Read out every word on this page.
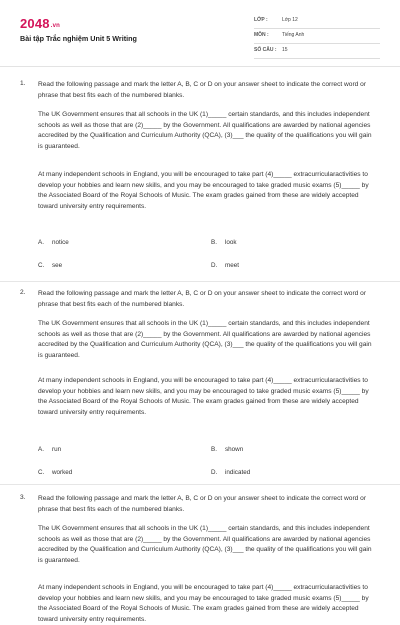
2048.vn
Bài tập Trắc nghiệm Unit 5 Writing
LỚP :	Lớp 12
MÔN :	Tiếng Anh
SỐ CÂU : 15
1. Read the following passage and mark the letter A, B, C or D on your answer sheet to indicate the correct word or phrase that best fits each of the numbered blanks.
The UK Government ensures that all schools in the UK (1)_____ certain standards, and this includes independent schools as well as those that are (2)_____ by the Government. All qualifications are awarded by national agencies accredited by the Qualification and Curriculum Authority (QCA), (3)___ the quality of the qualifications you will gain is guaranteed.
At many independent schools in England, you will be encouraged to take part (4)_____ extracurricularactivities to develop your hobbies and learn new skills, and you may be encouraged to take graded music exams (5)_____ by the Associated Board of the Royal Schools of Music. The exam grades gained from these are widely accepted toward university entry requirements.
A. notice	B. look
C. see	D. meet
2. Read the following passage and mark the letter A, B, C or D on your answer sheet to indicate the correct word or phrase that best fits each of the numbered blanks.
The UK Government ensures that all schools in the UK (1)_____ certain standards, and this includes independent schools as well as those that are (2)_____ by the Government. All qualifications are awarded by national agencies accredited by the Qualification and Curriculum Authority (QCA), (3)___ the quality of the qualifications you will gain is guaranteed.
At many independent schools in England, you will be encouraged to take part (4)_____ extracurricularactivities to develop your hobbies and learn new skills, and you may be encouraged to take graded music exams (5)_____ by the Associated Board of the Royal Schools of Music. The exam grades gained from these are widely accepted toward university entry requirements.
A. run	B. shown
C. worked	D. indicated
3. Read the following passage and mark the letter A, B, C or D on your answer sheet to indicate the correct word or phrase that best fits each of the numbered blanks.
The UK Government ensures that all schools in the UK (1)_____ certain standards, and this includes independent schools as well as those that are (2)_____ by the Government. All qualifications are awarded by national agencies accredited by the Qualification and Curriculum Authority (QCA), (3)___ the quality of the qualifications you will gain is guaranteed.
At many independent schools in England, you will be encouraged to take part (4)_____ extracurricularactivities to develop your hobbies and learn new skills, and you may be encouraged to take graded music exams (5)_____ by the Associated Board of the Royal Schools of Music. The exam grades gained from these are widely accepted toward university entry requirements.
